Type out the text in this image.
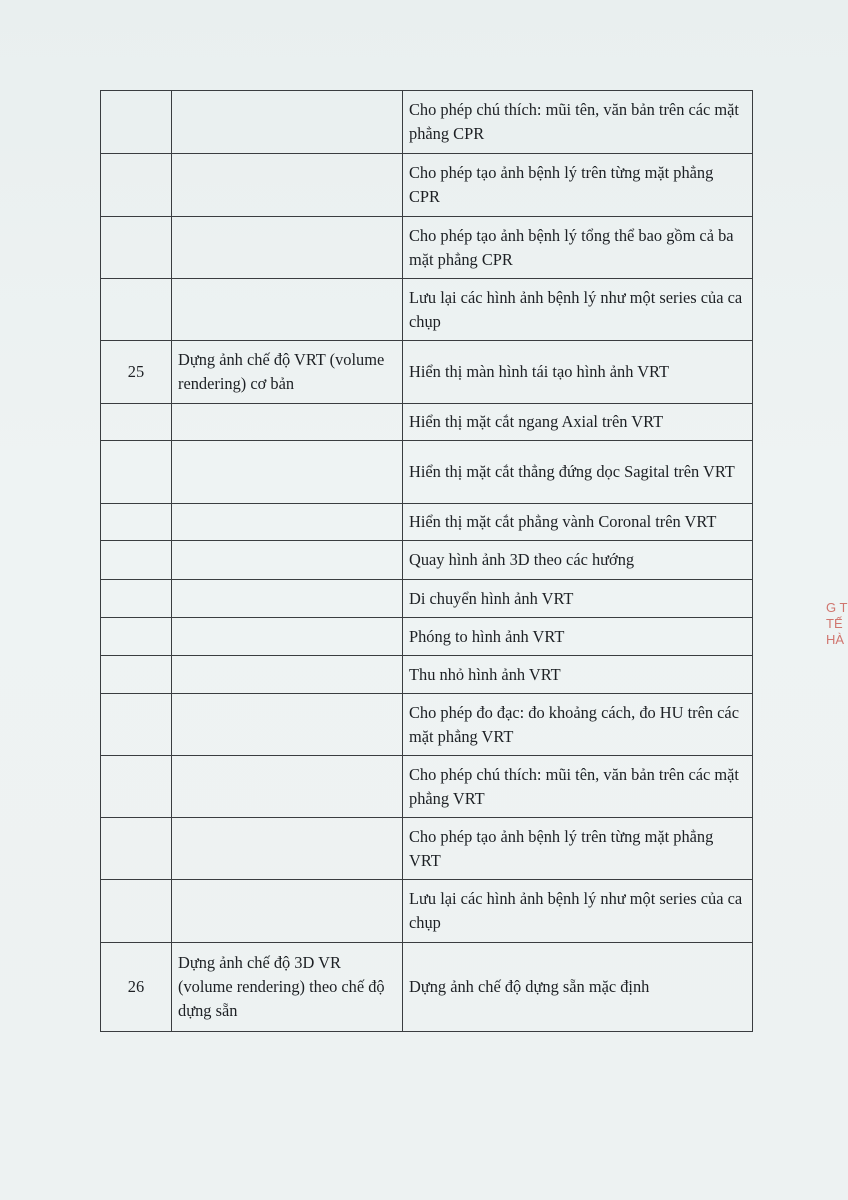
		Cho phép chú thích: mũi tên, văn bản trên các mặt phẳng CPR
		Cho phép tạo ảnh bệnh lý trên từng mặt phẳng CPR
		Cho phép tạo ảnh bệnh lý tổng thể bao gồm cả ba mặt phẳng CPR
		Lưu lại các hình ảnh bệnh lý như một series của ca chụp
25	Dựng ảnh chế độ VRT (volume rendering) cơ bản	Hiển thị màn hình tái tạo hình ảnh VRT
		Hiển thị mặt cắt ngang Axial trên VRT
		Hiển thị mặt cắt thẳng đứng dọc Sagital trên VRT
		Hiển thị mặt cắt phẳng vành Coronal trên VRT
		Quay hình ảnh 3D theo các hướng
		Di chuyển hình ảnh VRT
		Phóng to hình ảnh VRT
		Thu nhỏ hình ảnh VRT
		Cho phép đo đạc: đo khoảng cách, đo HU trên các mặt phẳng VRT
		Cho phép chú thích: mũi tên, văn bản trên các mặt phẳng VRT
		Cho phép tạo ảnh bệnh lý trên từng mặt phẳng VRT
		Lưu lại các hình ảnh bệnh lý như một series của ca chụp
26	Dựng ảnh chế độ 3D VR (volume rendering) theo chế độ dựng sẵn	Dựng ảnh chế độ dựng sẵn mặc định
G T
TẾ
HÀ
